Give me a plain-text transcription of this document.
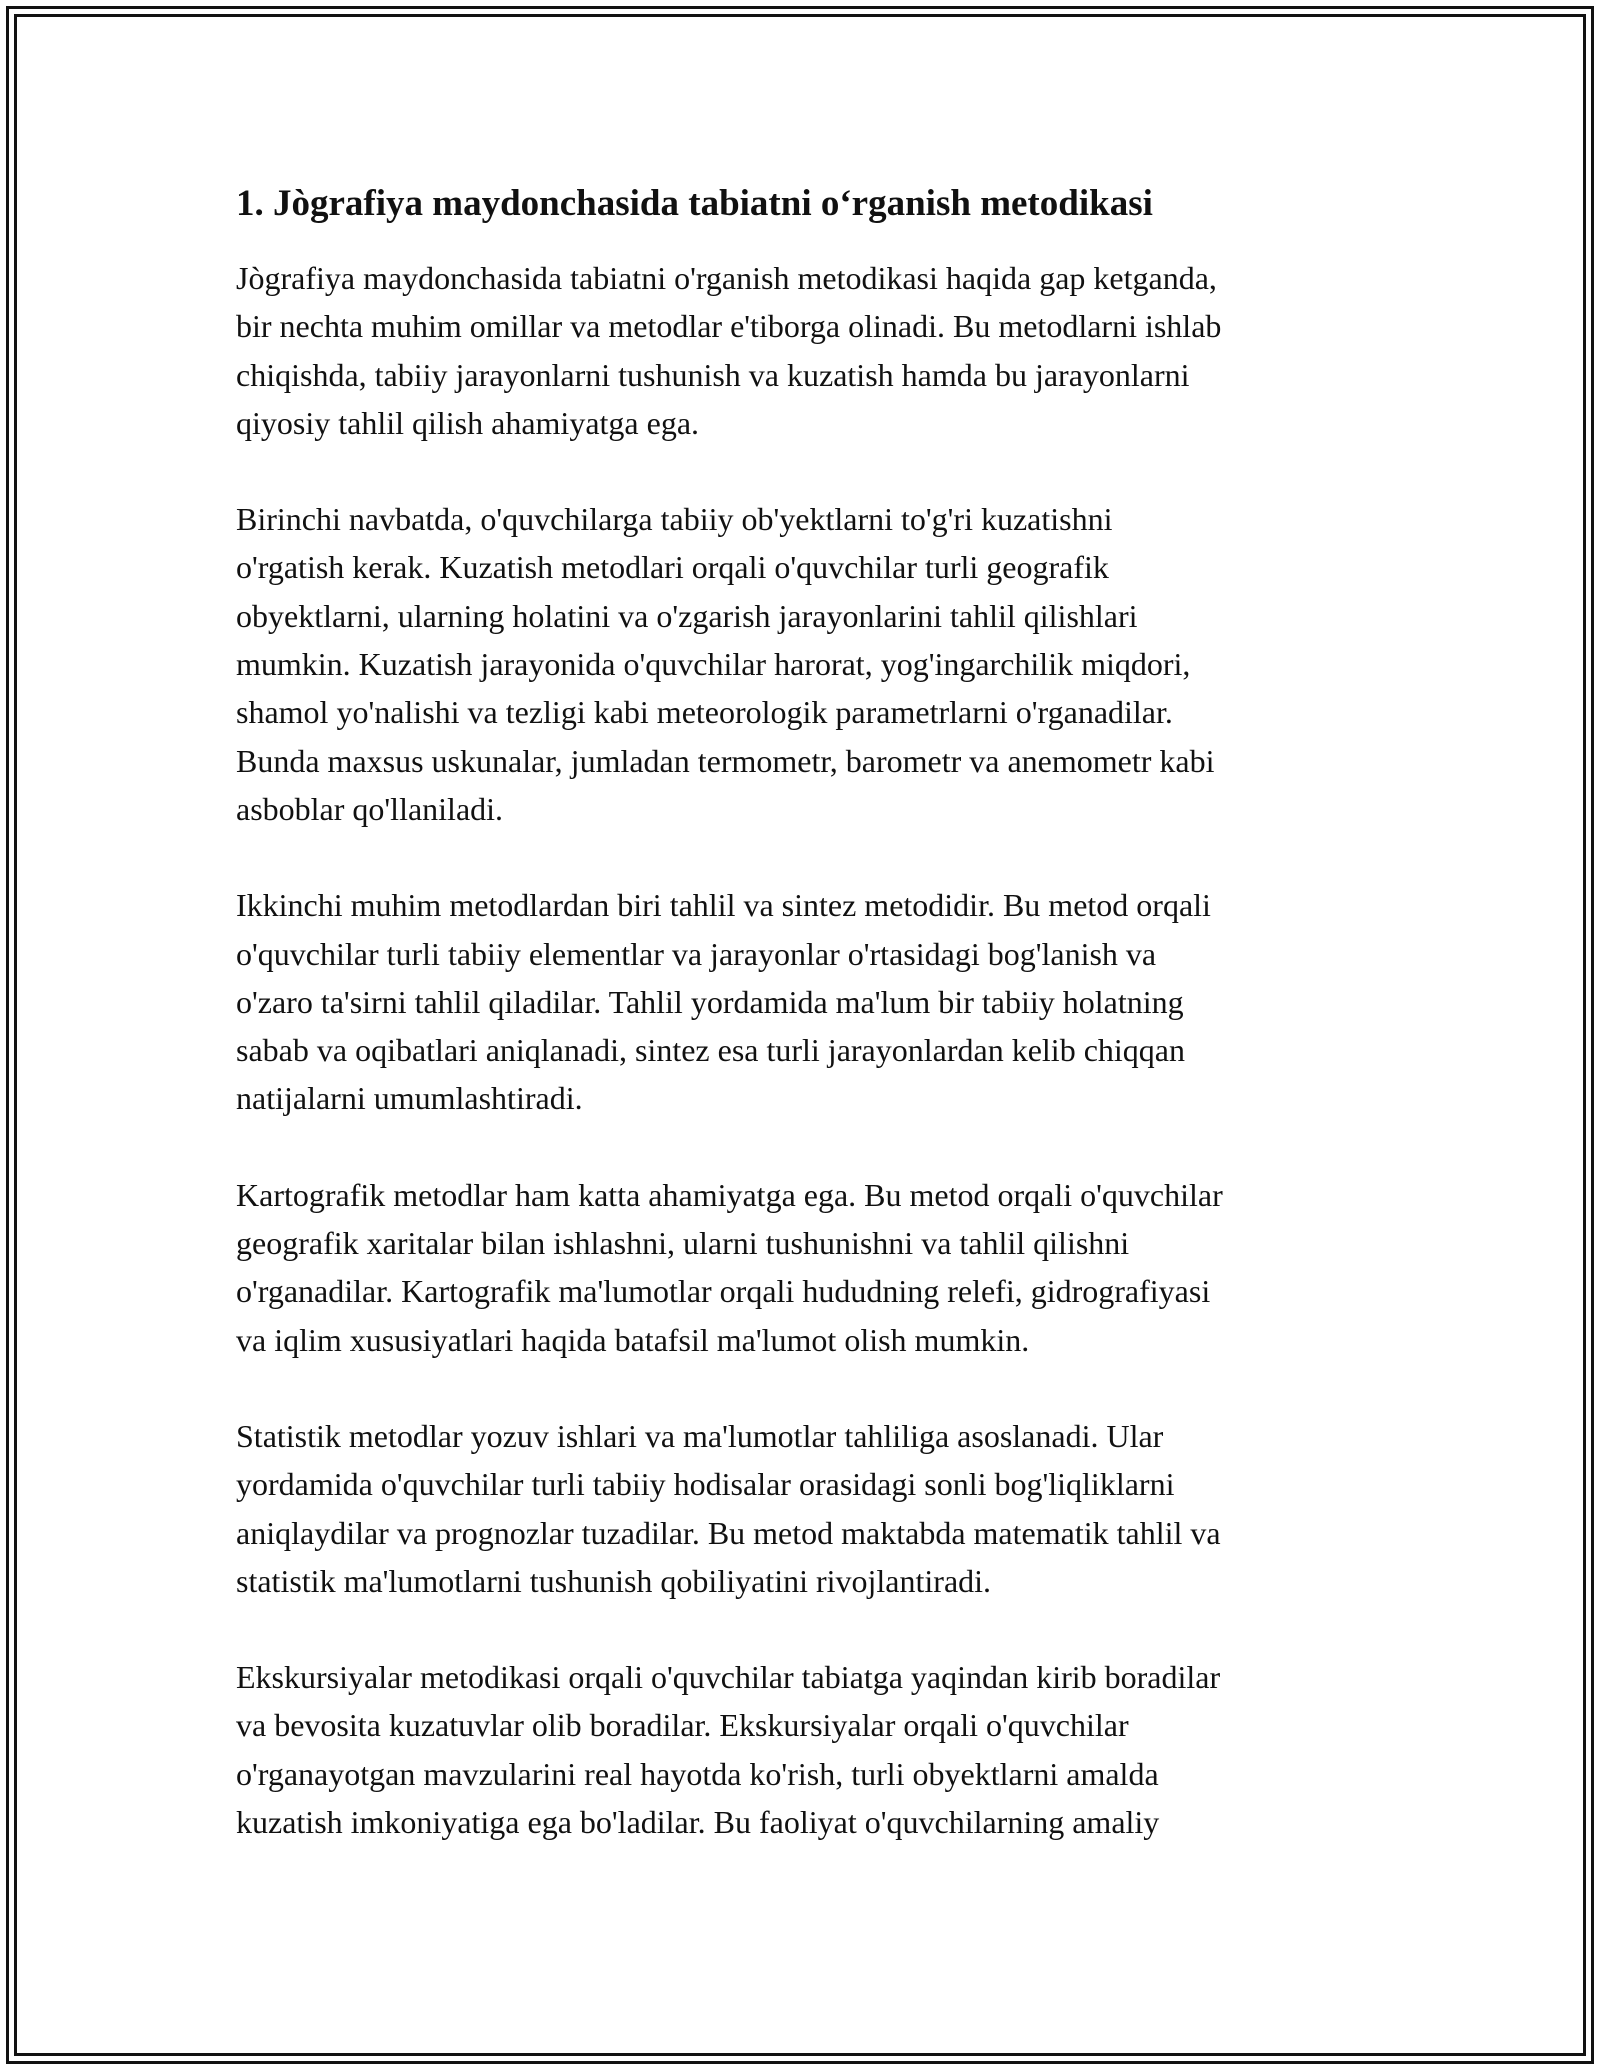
1. Jògrafiya maydonchasida tabiatni o‘rganish metodikasi

Jògrafiya maydonchasida tabiatni o'rganish metodikasi haqida gap ketganda,
bir nechta muhim omillar va metodlar e'tiborga olinadi. Bu metodlarni ishlab
chiqishda, tabiiy jarayonlarni tushunish va kuzatish hamda bu jarayonlarni
qiyosiy tahlil qilish ahamiyatga ega.

Birinchi navbatda, o'quvchilarga tabiiy ob'yektlarni to'g'ri kuzatishni
o'rgatish kerak. Kuzatish metodlari orqali o'quvchilar turli geografik
obyektlarni, ularning holatini va o'zgarish jarayonlarini tahlil qilishlari
mumkin. Kuzatish jarayonida o'quvchilar harorat, yog'ingarchilik miqdori,
shamol yo'nalishi va tezligi kabi meteorologik parametrlarni o'rganadilar.
Bunda maxsus uskunalar, jumladan termometr, barometr va anemometr kabi
asboblar qo'llaniladi.

Ikkinchi muhim metodlardan biri tahlil va sintez metodidir. Bu metod orqali
o'quvchilar turli tabiiy elementlar va jarayonlar o'rtasidagi bog'lanish va
o'zaro ta'sirni tahlil qiladilar. Tahlil yordamida ma'lum bir tabiiy holatning
sabab va oqibatlari aniqlanadi, sintez esa turli jarayonlardan kelib chiqqan
natijalarni umumlashtiradi.

Kartografik metodlar ham katta ahamiyatga ega. Bu metod orqali o'quvchilar
geografik xaritalar bilan ishlashni, ularni tushunishni va tahlil qilishni
o'rganadilar. Kartografik ma'lumotlar orqali hududning relefi, gidrografiyasi
va iqlim xususiyatlari haqida batafsil ma'lumot olish mumkin.

Statistik metodlar yozuv ishlari va ma'lumotlar tahliliga asoslanadi. Ular
yordamida o'quvchilar turli tabiiy hodisalar orasidagi sonli bog'liqliklarni
aniqlaydilar va prognozlar tuzadilar. Bu metod maktabda matematik tahlil va
statistik ma'lumotlarni tushunish qobiliyatini rivojlantiradi.

Ekskursiyalar metodikasi orqali o'quvchilar tabiatga yaqindan kirib boradilar
va bevosita kuzatuvlar olib boradilar. Ekskursiyalar orqali o'quvchilar
o'rganayotgan mavzularini real hayotda ko'rish, turli obyektlarni amalda
kuzatish imkoniyatiga ega bo'ladilar. Bu faoliyat o'quvchilarning amaliy
